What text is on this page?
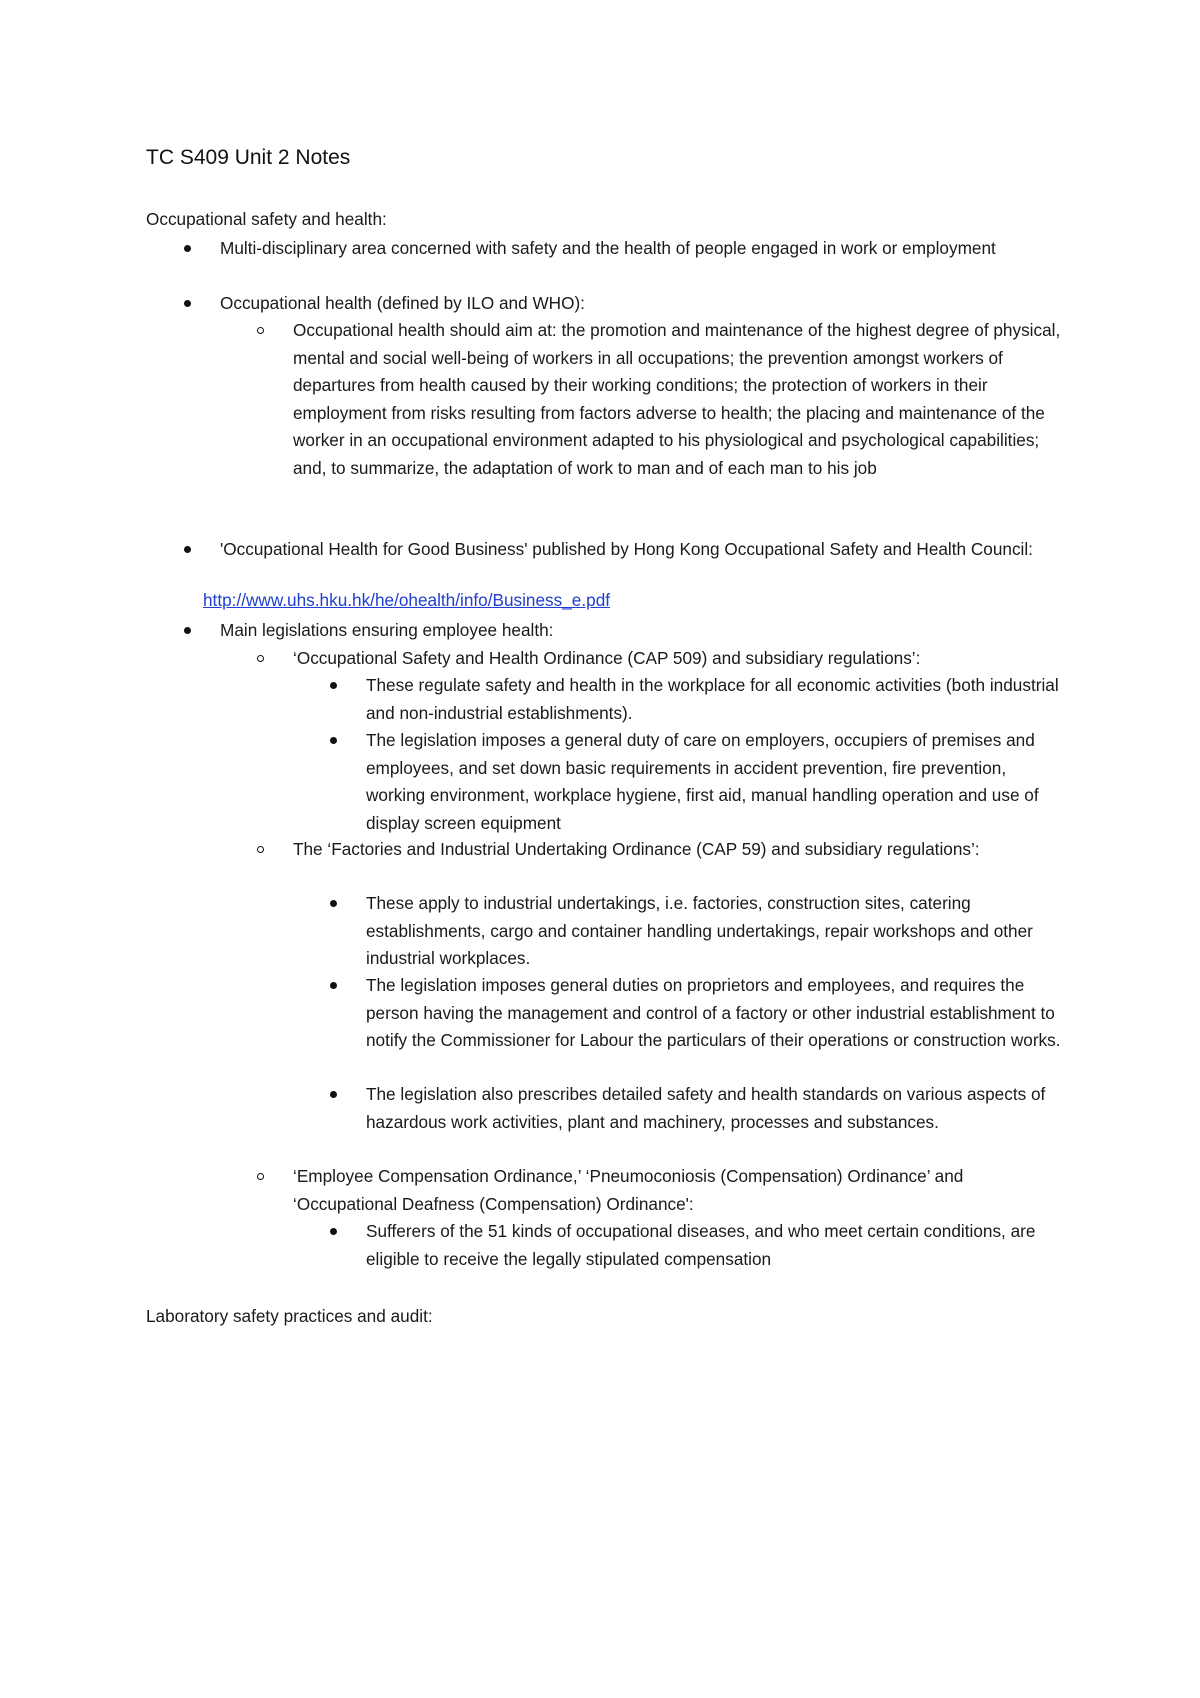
TC S409 Unit 2 Notes
Occupational safety and health:
Multi-disciplinary area concerned with safety and the health of people engaged in work or employment
Occupational health (defined by ILO and WHO):
Occupational health should aim at: the promotion and maintenance of the highest degree of physical, mental and social well-being of workers in all occupations; the prevention amongst workers of departures from health caused by their working conditions; the protection of workers in their employment from risks resulting from factors adverse to health; the placing and maintenance of the worker in an occupational environment adapted to his physiological and psychological capabilities; and, to summarize, the adaptation of work to man and of each man to his job
'Occupational Health for Good Business' published by Hong Kong Occupational Safety and Health Council:
http://www.uhs.hku.hk/he/ohealth/info/Business_e.pdf
Main legislations ensuring employee health:
‘Occupational Safety and Health Ordinance (CAP 509) and subsidiary regulations’:
These regulate safety and health in the workplace for all economic activities (both industrial and non-industrial establishments).
The legislation imposes a general duty of care on employers, occupiers of premises and employees, and set down basic requirements in accident prevention, fire prevention, working environment, workplace hygiene, first aid, manual handling operation and use of display screen equipment
The ‘Factories and Industrial Undertaking Ordinance (CAP 59) and subsidiary regulations’:
These apply to industrial undertakings, i.e. factories, construction sites, catering establishments, cargo and container handling undertakings, repair workshops and other industrial workplaces.
The legislation imposes general duties on proprietors and employees, and requires the person having the management and control of a factory or other industrial establishment to notify the Commissioner for Labour the particulars of their operations or construction works.
The legislation also prescribes detailed safety and health standards on various aspects of hazardous work activities, plant and machinery, processes and substances.
‘Employee Compensation Ordinance,’ ‘Pneumoconiosis (Compensation) Ordinance’ and ‘Occupational Deafness (Compensation) Ordinance':
Sufferers of the 51 kinds of occupational diseases, and who meet certain conditions, are eligible to receive the legally stipulated compensation
Laboratory safety practices and audit:
